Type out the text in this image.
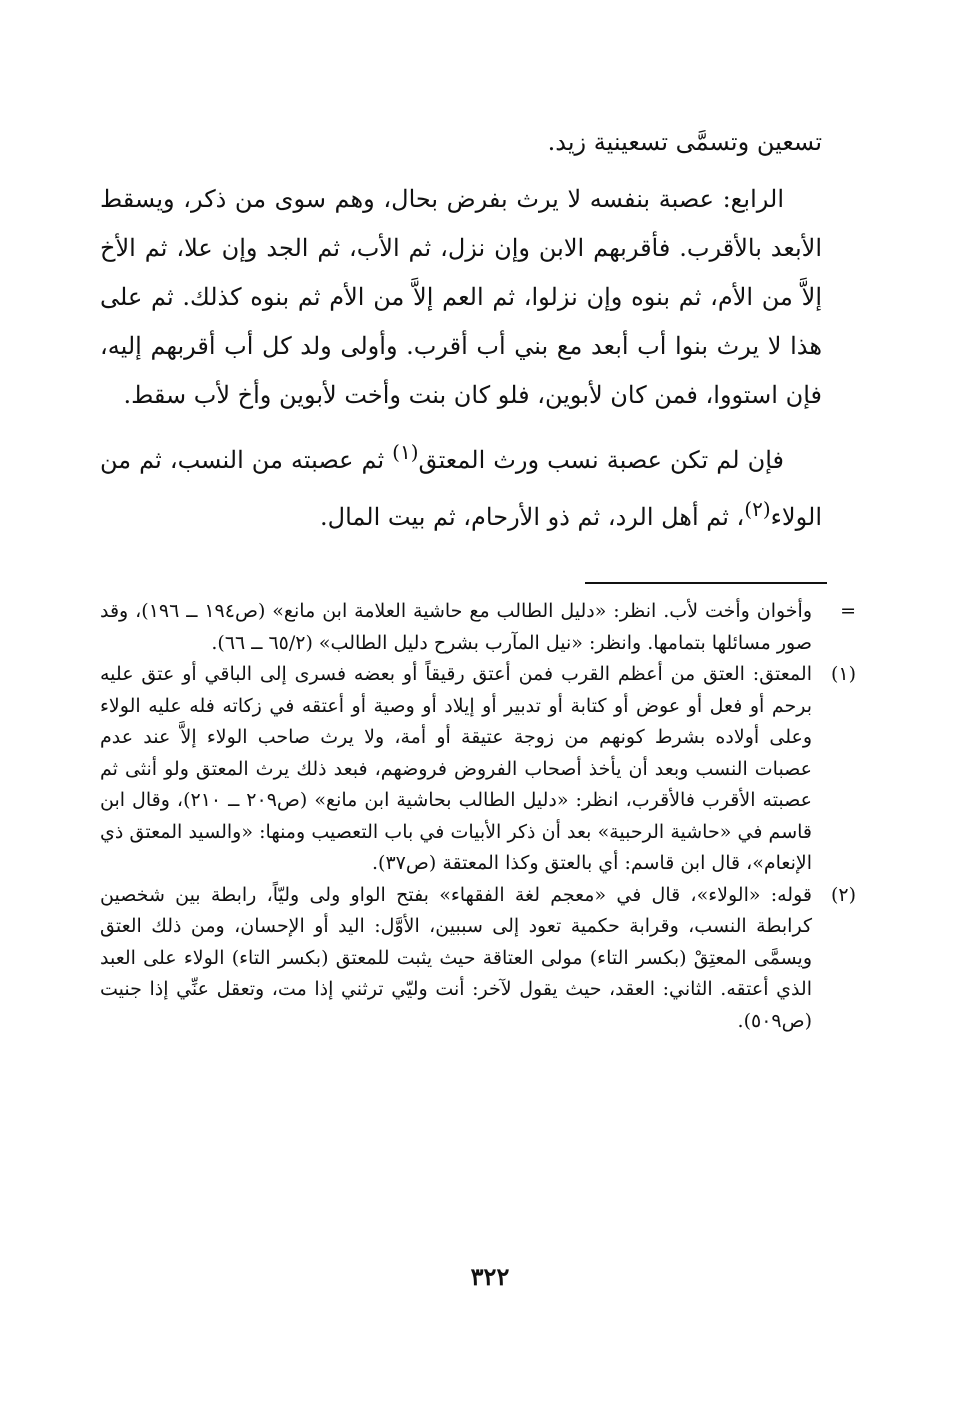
تسعين وتسمَّى تسعينية زيد.

الرابع: عصبة بنفسه لا يرث بفرض بحال، وهم سوى من ذكر، ويسقط الأبعد بالأقرب. فأقربهم الابن وإن نزل، ثم الأب، ثم الجد وإن علا، ثم الأخ إلاَّ من الأم، ثم بنوه وإن نزلوا، ثم العم إلاَّ من الأم ثم بنوه كذلك. ثم على هذا لا يرث بنوا أب أبعد مع بني أب أقرب. وأولى ولد كل أب أقربهم إليه، فإن استووا، فمن كان لأبوين، فلو كان بنت وأخت لأبوين وأخ لأب سقط.

فإن لم تكن عصبة نسب ورث المعتق$^{(١)}$ ثم عصبته من النسب، ثم من الولاء$^{(٢)}$، ثم أهل الرد، ثم ذو الأرحام، ثم بيت المال.

=
وأخوان وأخت لأب. انظر: «دليل الطالب مع حاشية العلامة ابن مانع» (ص١٩٤ ــ ١٩٦)، وقد صور مسائلها بتمامها. وانظر: «نيل المآرب بشرح دليل الطالب» (٦٥/٢ ــ ٦٦).
(١)
المعتق: العتق من أعظم القرب فمن أعتق رقيقاً أو بعضه فسرى إلى الباقي أو عتق عليه برحم أو فعل أو عوض أو كتابة أو تدبير أو إيلاد أو وصية أو أعتقه في زكاته فله عليه الولاء وعلى أولاده بشرط كونهم من زوجة عتيقة أو أمة، ولا يرث صاحب الولاء إلاَّ عند عدم عصبات النسب وبعد أن يأخذ أصحاب الفروض فروضهم، فبعد ذلك يرث المعتق ولو أنثى ثم عصبته الأقرب فالأقرب، انظر: «دليل الطالب بحاشية ابن مانع» (ص٢٠٩ ــ ٢١٠)، وقال ابن قاسم في «حاشية الرحبية» بعد أن ذكر الأبيات في باب التعصيب ومنها: «والسيد المعتق ذي الإنعام»، قال ابن قاسم: أي بالعتق وكذا المعتقة (ص٣٧).
(٢)
قوله: «الولاء»، قال في «معجم لغة الفقهاء» بفتح الواو ولى وليّاً، رابطة بين شخصين كرابطة النسب، وقرابة حكمية تعود إلى سببين، الأوَّل: اليد أو الإحسان، ومن ذلك العتق ويسمَّى المعتِقْ (بكسر التاء) مولى العتاقة حيث يثبت للمعتق (بكسر التاء) الولاء على العبد الذي أعتقه. الثاني: العقد، حيث يقول لآخر: أنت وليّي ترثني إذا مت، وتعقل عنِّي إذا جنيت (ص٥٠٩).
٣٢٢
